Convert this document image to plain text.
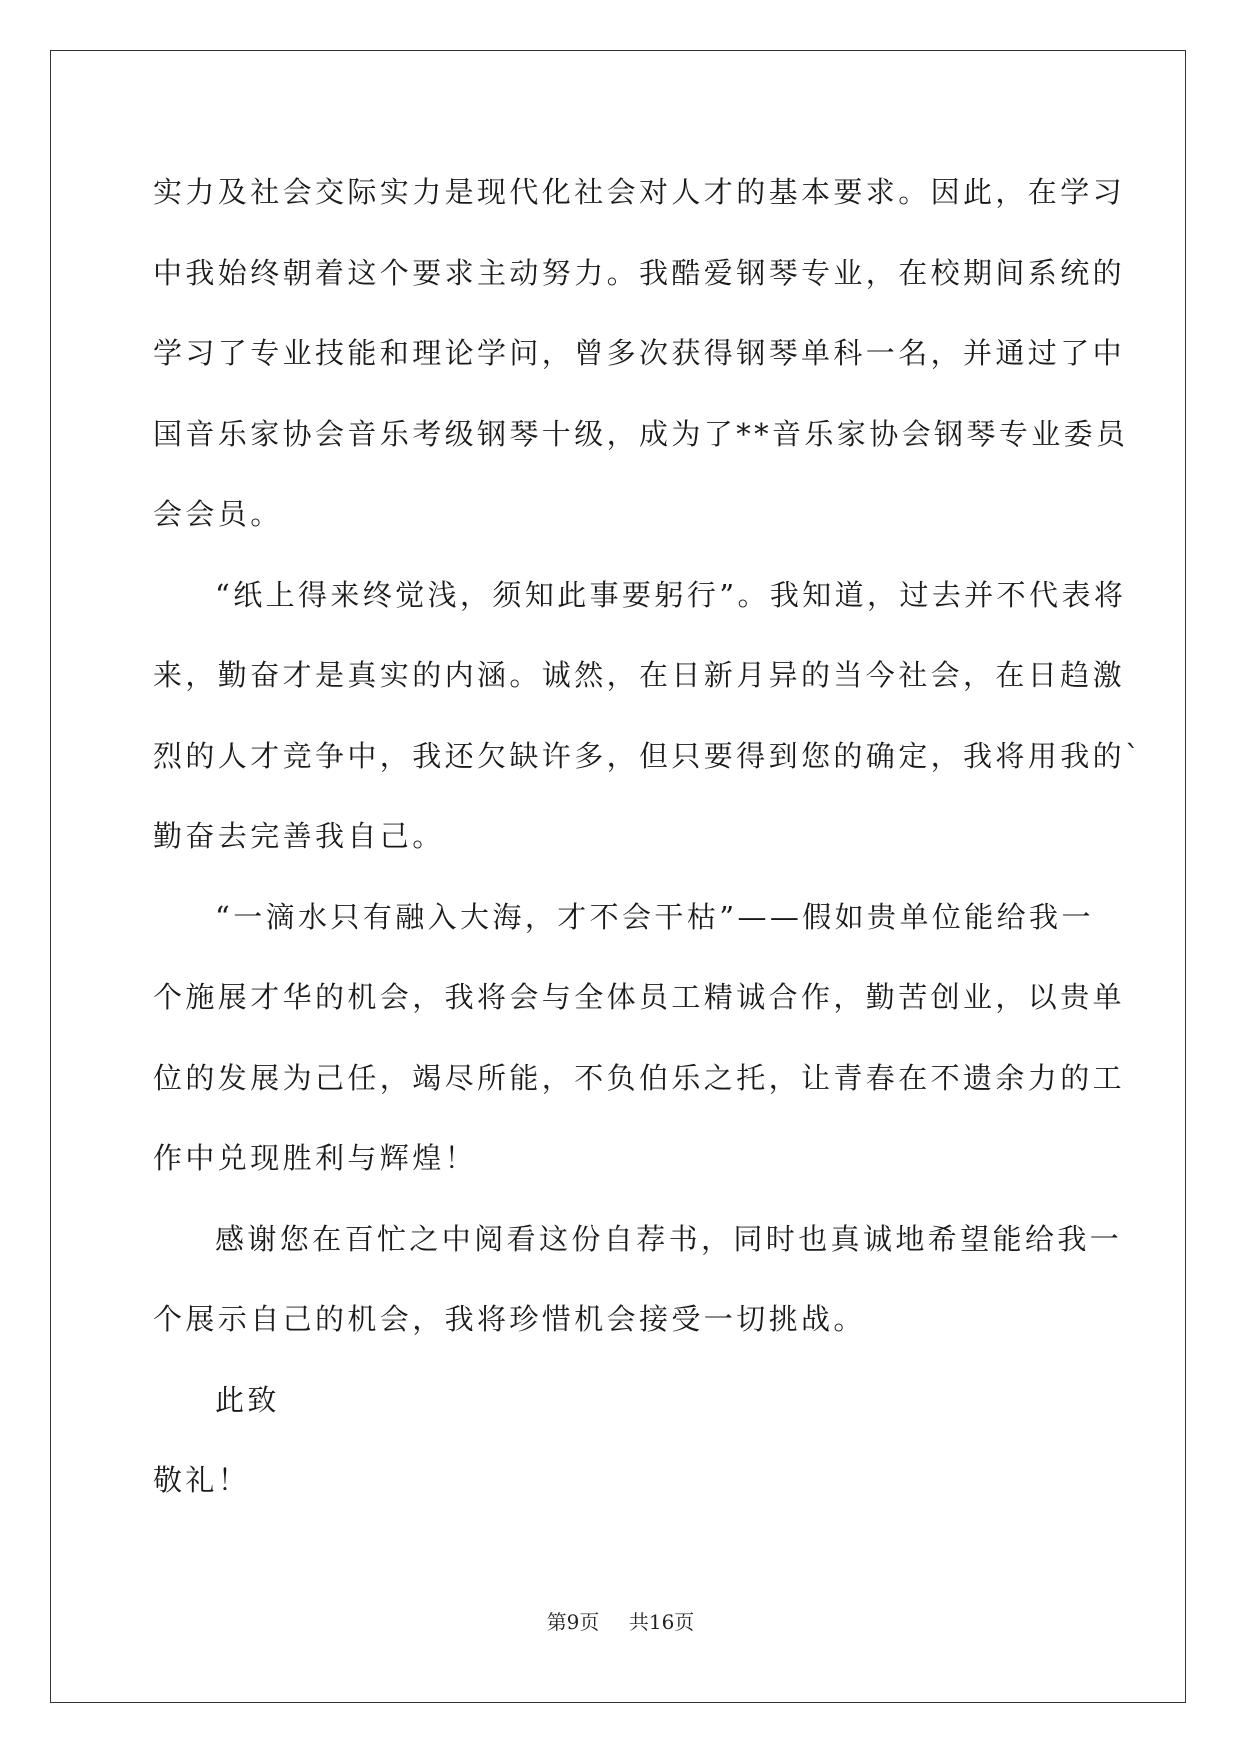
实力及社会交际实力是现代化社会对人才的基本要求。因此，在学习

中我始终朝着这个要求主动努力。我酷爱钢琴专业，在校期间系统的

学习了专业技能和理论学问，曾多次获得钢琴单科一名，并通过了中

国音乐家协会音乐考级钢琴十级，成为了**音乐家协会钢琴专业委员

会会员。

“纸上得来终觉浅，须知此事要躬行”。我知道，过去并不代表将

来，勤奋才是真实的内涵。诚然，在日新月异的当今社会，在日趋激

烈的人才竞争中，我还欠缺许多，但只要得到您的确定，我将用我的`

勤奋去完善我自己。

“一滴水只有融入大海，才不会干枯”——假如贵单位能给我一

个施展才华的机会，我将会与全体员工精诚合作，勤苦创业，以贵单

位的发展为己任，竭尽所能，不负伯乐之托，让青春在不遗余力的工

作中兑现胜利与辉煌！

感谢您在百忙之中阅看这份自荐书，同时也真诚地希望能给我一

个展示自己的机会，我将珍惜机会接受一切挑战。

此致

敬礼！

第9页 共16页
